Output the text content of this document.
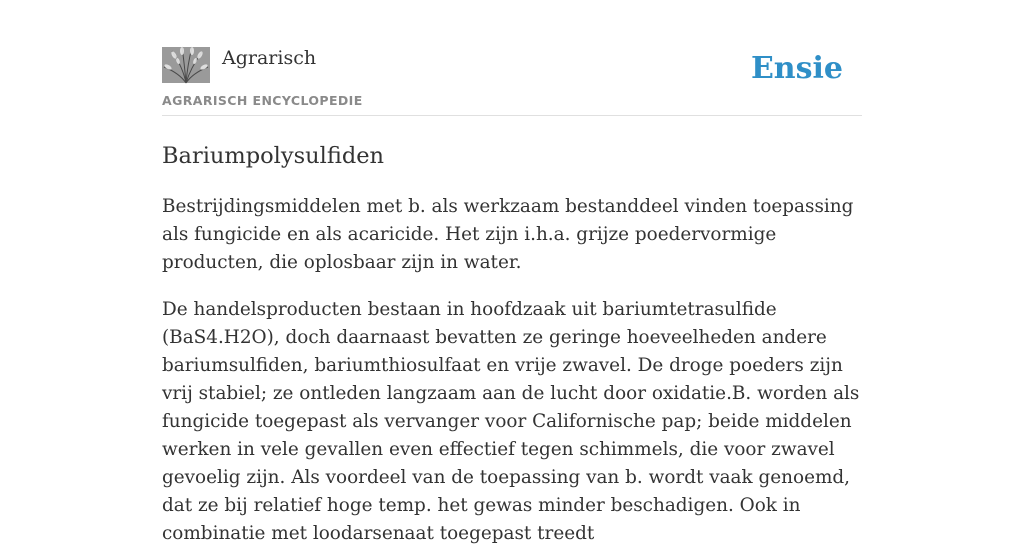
Agrarisch
AGRARISCH ENCYCLOPEDIE
Ensie
Bariumpolysulfiden

Bestrijdingsmiddelen met b. als werkzaam bestanddeel vinden toepassing als fungicide en als acaricide. Het zijn i.h.a. grijze poedervormige producten, die oplosbaar zijn in water.

De handelsproducten bestaan in hoofdzaak uit bariumtetrasulfide (BaS4.H2O), doch daarnaast bevatten ze geringe hoeveelheden andere bariumsulfiden, bariumthiosulfaat en vrije zwavel. De droge poeders zijn vrij stabiel; ze ontleden langzaam aan de lucht door oxidatie.B. worden als fungicide toegepast als vervanger voor Californische pap; beide middelen werken in vele gevallen even effectief tegen schimmels, die voor zwavel gevoelig zijn. Als voordeel van de toepassing van b. wordt vaak genoemd, dat ze bij relatief hoge temp. het gewas minder beschadigen. Ook in combinatie met loodarsenaat toegepast treedt
